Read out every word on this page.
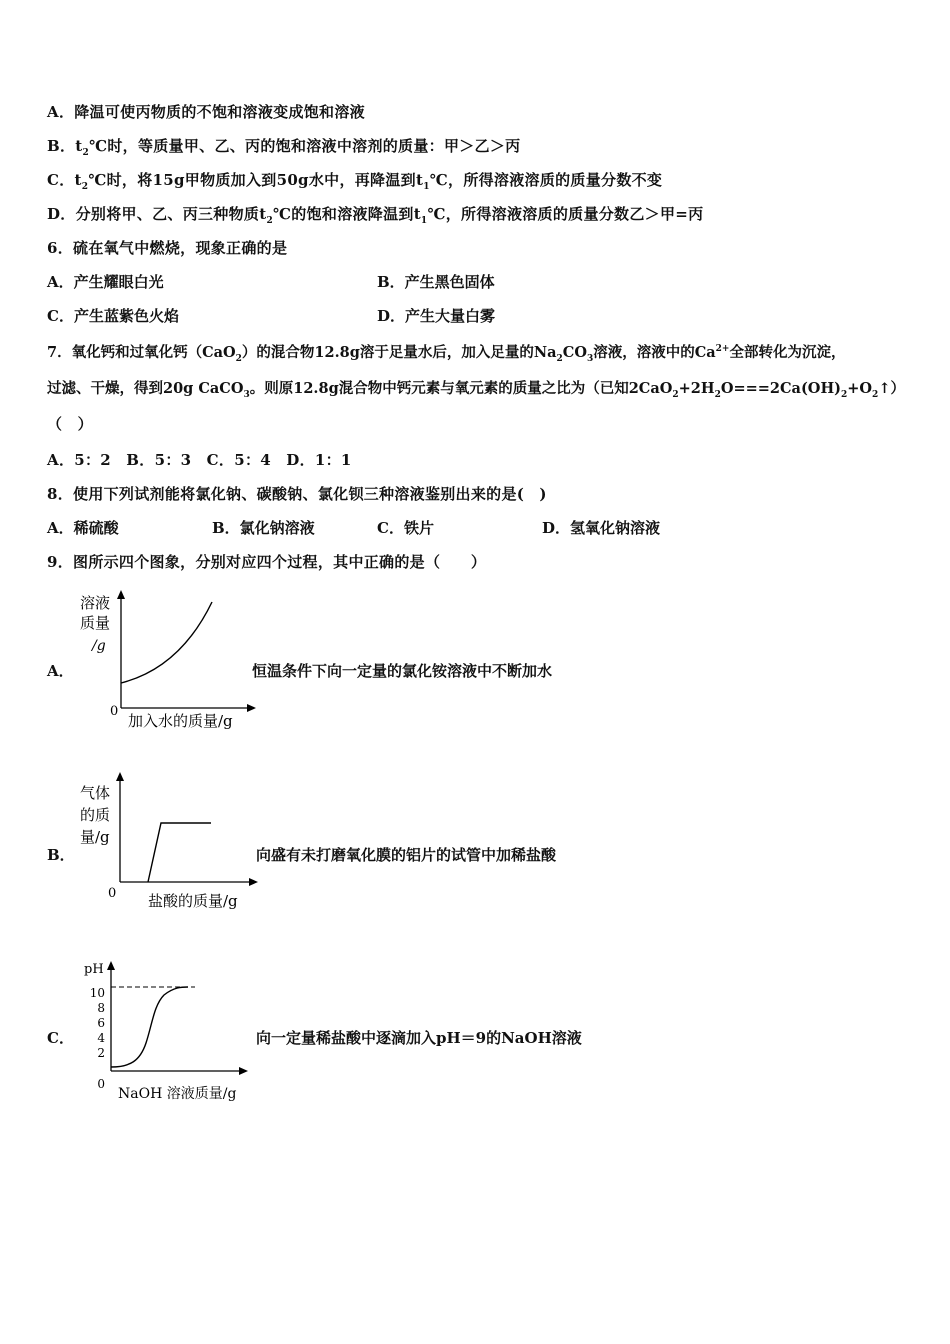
A．降温可使丙物质的不饱和溶液变成饱和溶液
B．$t_2℃$时，等质量甲、乙、丙的饱和溶液中溶剂的质量：甲＞乙＞丙
C．$t_2℃$时，将15g甲物质加入到50g水中，再降温到$t_1℃$，所得溶液溶质的质量分数不变
D．分别将甲、乙、丙三种物质$t_2℃$的饱和溶液降温到$t_1℃$，所得溶液溶质的质量分数乙＞甲=丙
6．硫在氧气中燃烧，现象正确的是
A．产生耀眼白光	B．产生黑色固体
C．产生蓝紫色火焰	D．产生大量白雾
7．氧化钙和过氧化钙（CaO$_2$）的混合物12.8g溶于足量水后，加入足量的$Na_2CO_3$溶液，溶液中的$Ca^{2+}$全部转化为沉淀，
过滤、干燥，得到20g CaCO$_3$。则原12.8g混合物中钙元素与氧元素的质量之比为（已知$2CaO_2+2H_2O===2Ca(OH)_2+O_2↑$）
（　）
A．5：2　B．5：3　C．5：4　D．1：1
8．使用下列试剂能将氯化钠、碳酸钠、氯化钡三种溶液鉴别出来的是(　)
A．稀硫酸	B．氯化钠溶液	C．铁片	D．氢氧化钠溶液
9．图所示四个图象，分别对应四个过程，其中正确的是（　　）
A．
溶液
质量
/g
0
加入水的质量/g
恒温条件下向一定量的氯化铵溶液中不断加水
B．
气体
的质
量/g
0 盐酸的质量/g
向盛有未打磨氧化膜的铝片的试管中加稀盐酸
C．
10
8
6
4
2
0
pH
NaOH 溶液质量/g
向一定量稀盐酸中逐滴加入pH＝9的NaOH溶液
